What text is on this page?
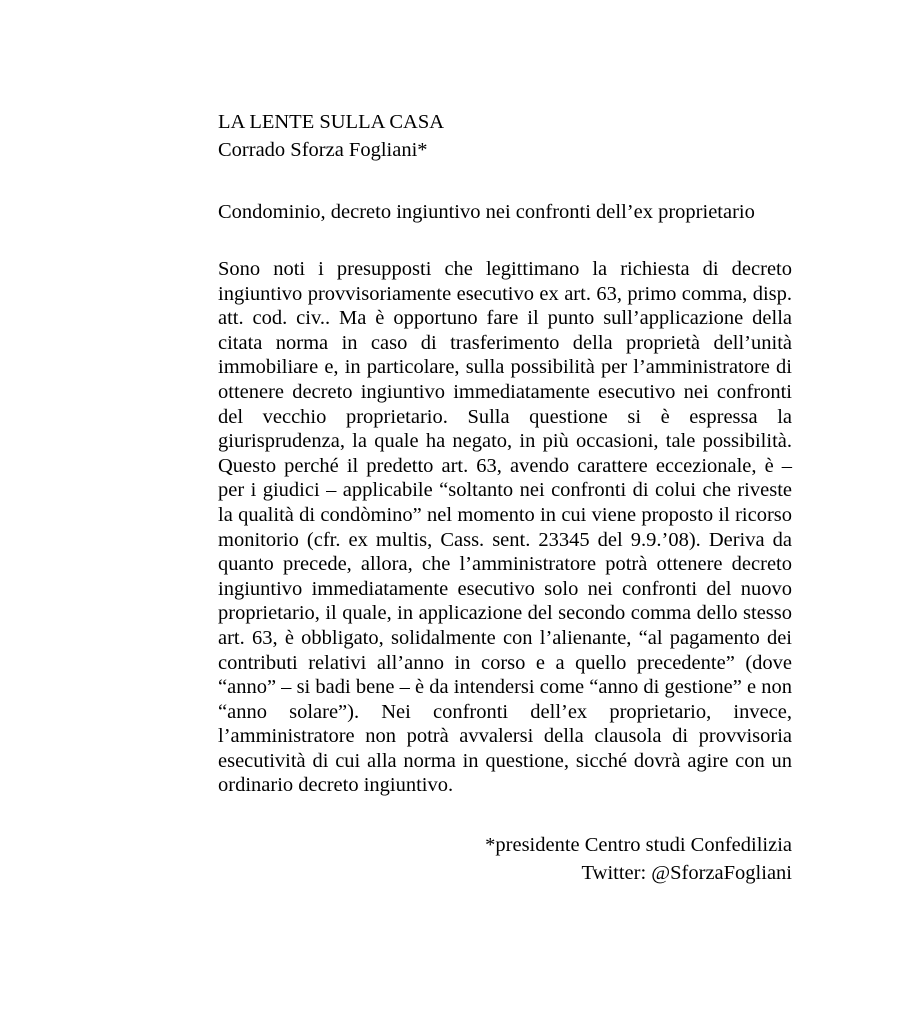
LA LENTE SULLA CASA
Corrado Sforza Fogliani*
Condominio, decreto ingiuntivo nei confronti dell’ex proprietario

Sono noti i presupposti che legittimano la richiesta di decreto ingiuntivo provvisoriamente esecutivo ex art. 63, primo comma, disp. att. cod. civ.. Ma è opportuno fare il punto sull’applicazione della citata norma in caso di trasferimento della proprietà dell’unità immobiliare e, in particolare, sulla possibilità per l’amministratore di ottenere decreto ingiuntivo immediatamente esecutivo nei confronti del vecchio proprietario. Sulla questione si è espressa la giurisprudenza, la quale ha negato, in più occasioni, tale possibilità. Questo perché il predetto art. 63, avendo carattere eccezionale, è – per i giudici – applicabile “soltanto nei confronti di colui che riveste la qualità di condòmino” nel momento in cui viene proposto il ricorso monitorio (cfr. ex multis, Cass. sent. 23345 del 9.9.’08). Deriva da quanto precede, allora, che l’amministratore potrà ottenere decreto ingiuntivo immediatamente esecutivo solo nei confronti del nuovo proprietario, il quale, in applicazione del secondo comma dello stesso art. 63, è obbligato, solidalmente con l’alienante, “al pagamento dei contributi relativi all’anno in corso e a quello precedente” (dove “anno” – si badi bene – è da intendersi come “anno di gestione” e non “anno solare”). Nei confronti dell’ex proprietario, invece, l’amministratore non potrà avvalersi della clausola di provvisoria esecutività di cui alla norma in questione, sicché dovrà agire con un ordinario decreto ingiuntivo.

*presidente Centro studi Confedilizia
Twitter: @SforzaFogliani
